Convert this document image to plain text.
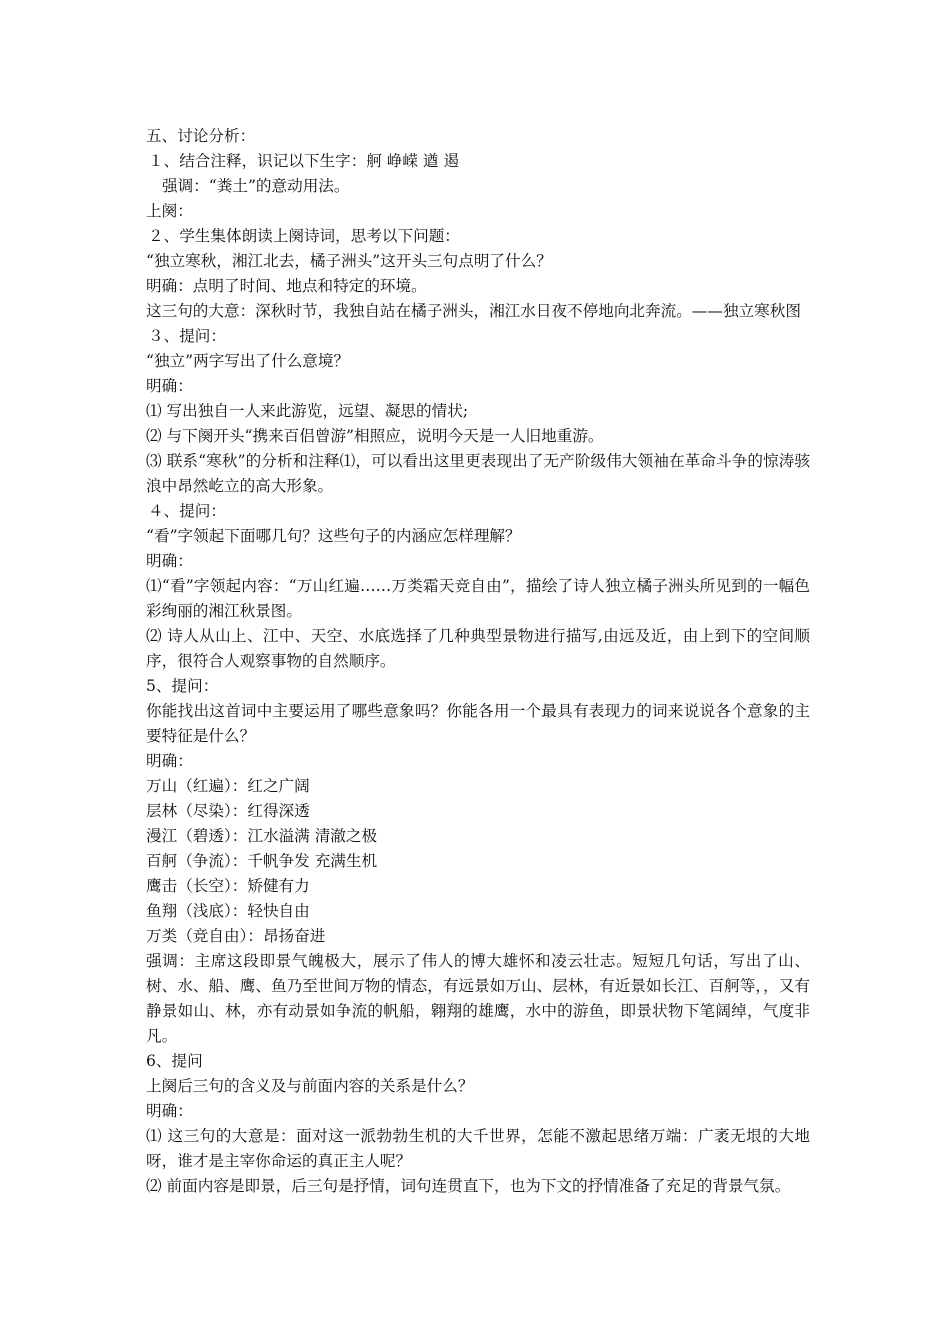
五、讨论分析：
１、结合注释，识记以下生字：舸 峥嵘 遒 遏
强调：“粪土”的意动用法。
上阕：
２、学生集体朗读上阕诗词，思考以下问题：
“独立寒秋，湘江北去，橘子洲头”这开头三句点明了什么？
明确：点明了时间、地点和特定的环境。
这三句的大意：深秋时节，我独自站在橘子洲头，湘江水日夜不停地向北奔流。——独立寒秋图
３、提问：
“独立”两字写出了什么意境？
明确：
⑴ 写出独自一人来此游览，远望、凝思的情状;
⑵ 与下阕开头“携来百侣曾游”相照应，说明今天是一人旧地重游。
⑶ 联系“寒秋”的分析和注释⑴，可以看出这里更表现出了无产阶级伟大领袖在革命斗争的惊涛骇浪中昂然屹立的高大形象。
４、提问：
“看”字领起下面哪几句？这些句子的内涵应怎样理解？
明确：
⑴“看”字领起内容：“万山红遍……万类霜天竞自由”，描绘了诗人独立橘子洲头所见到的一幅色彩绚丽的湘江秋景图。
⑵ 诗人从山上、江中、天空、水底选择了几种典型景物进行描写,由远及近，由上到下的空间顺序，很符合人观察事物的自然顺序。
5、提问：
你能找出这首词中主要运用了哪些意象吗？你能各用一个最具有表现力的词来说说各个意象的主要特征是什么？
明确：
万山（红遍）：红之广阔
层林（尽染）：红得深透
漫江（碧透）：江水溢满 清澈之极
百舸（争流）：千帆争发 充满生机
鹰击（长空）：矫健有力
鱼翔（浅底）：轻快自由
万类（竞自由）：昂扬奋进
强调：主席这段即景气魄极大，展示了伟人的博大雄怀和凌云壮志。短短几句话，写出了山、树、水、船、鹰、鱼乃至世间万物的情态，有远景如万山、层林，有近景如长江、百舸等，，又有静景如山、林，亦有动景如争流的帆船，翱翔的雄鹰，水中的游鱼，即景状物下笔阔绰，气度非凡。
6、提问
上阕后三句的含义及与前面内容的关系是什么？
明确：
⑴ 这三句的大意是：面对这一派勃勃生机的大千世界，怎能不激起思绪万端：广袤无垠的大地呀，谁才是主宰你命运的真正主人呢？
⑵ 前面内容是即景，后三句是抒情，词句连贯直下，也为下文的抒情准备了充足的背景气氛。
